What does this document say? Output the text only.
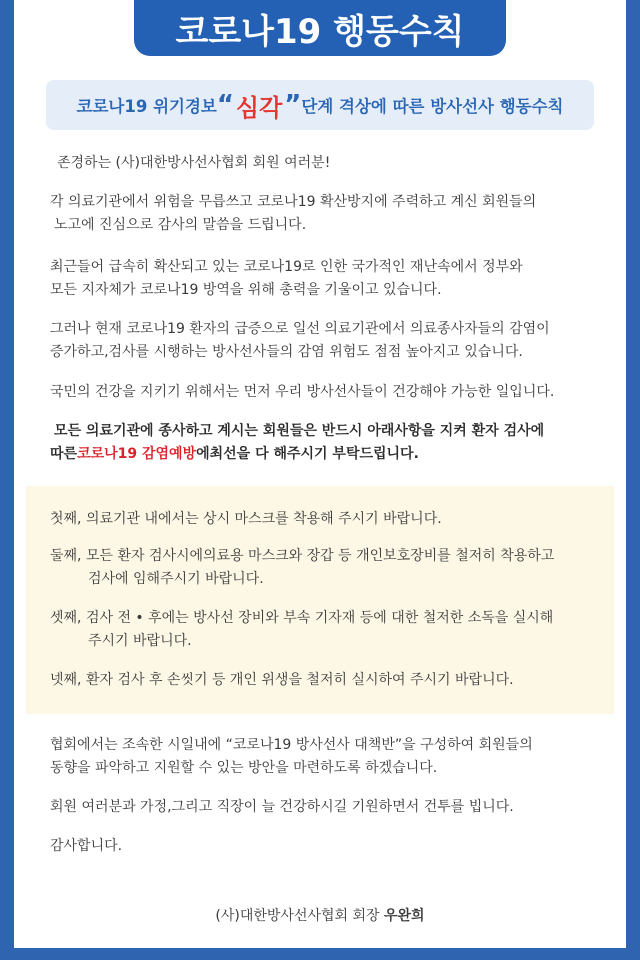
코로나19 행동수칙
코로나19 위기경보 “ 심각 ” 단계 격상에 따른 방사선사 행동수칙

존경하는 (사)대한방사선사협회 회원 여러분!

각 의료기관에서 위험을 무릅쓰고 코로나19 확산방지에 주력하고 계신 회원들의
노고에 진심으로 감사의 말씀을 드립니다.
최근들어 급속히 확산되고 있는 코로나19로 인한 국가적인 재난속에서 정부와
모든 지자체가 코로나19 방역을 위해 총력을 기울이고 있습니다.
그러나 현재 코로나19 환자의 급증으로 일선 의료기관에서 의료종사자들의 감염이
증가하고,검사를 시행하는 방사선사들의 감염 위험도 점점 높아지고 있습니다.
국민의 건강을 지키기 위해서는 먼저 우리 방사선사들이 건강해야 가능한 일입니다.
모든 의료기관에 종사하고 계시는 회원들은 반드시 아래사항을 지켜 환자 검사에
따른코로나19 감염예방에최선을 다 해주시기 부탁드립니다.
첫째, 의료기관 내에서는 상시 마스크를 착용해 주시기 바랍니다.
둘째, 모든 환자 검사시에의료용 마스크와 장갑 등 개인보호장비를 철저히 착용하고
검사에 임해주시기 바랍니다.
셋째, 검사 전 • 후에는 방사선 장비와 부속 기자재 등에 대한 철저한 소독을 실시해
주시기 바랍니다.
넷째, 환자 검사 후 손씻기 등 개인 위생을 철저히 실시하여 주시기 바랍니다.
협회에서는 조속한 시일내에 “코로나19 방사선사 대책반”을 구성하여 회원들의
동향을 파악하고 지원할 수 있는 방안을 마련하도록 하겠습니다.
회원 여러분과 가정,그리고 직장이 늘 건강하시길 기원하면서 건투를 빕니다.
감사합니다.
(사)대한방사선사협회 회장 우완희
